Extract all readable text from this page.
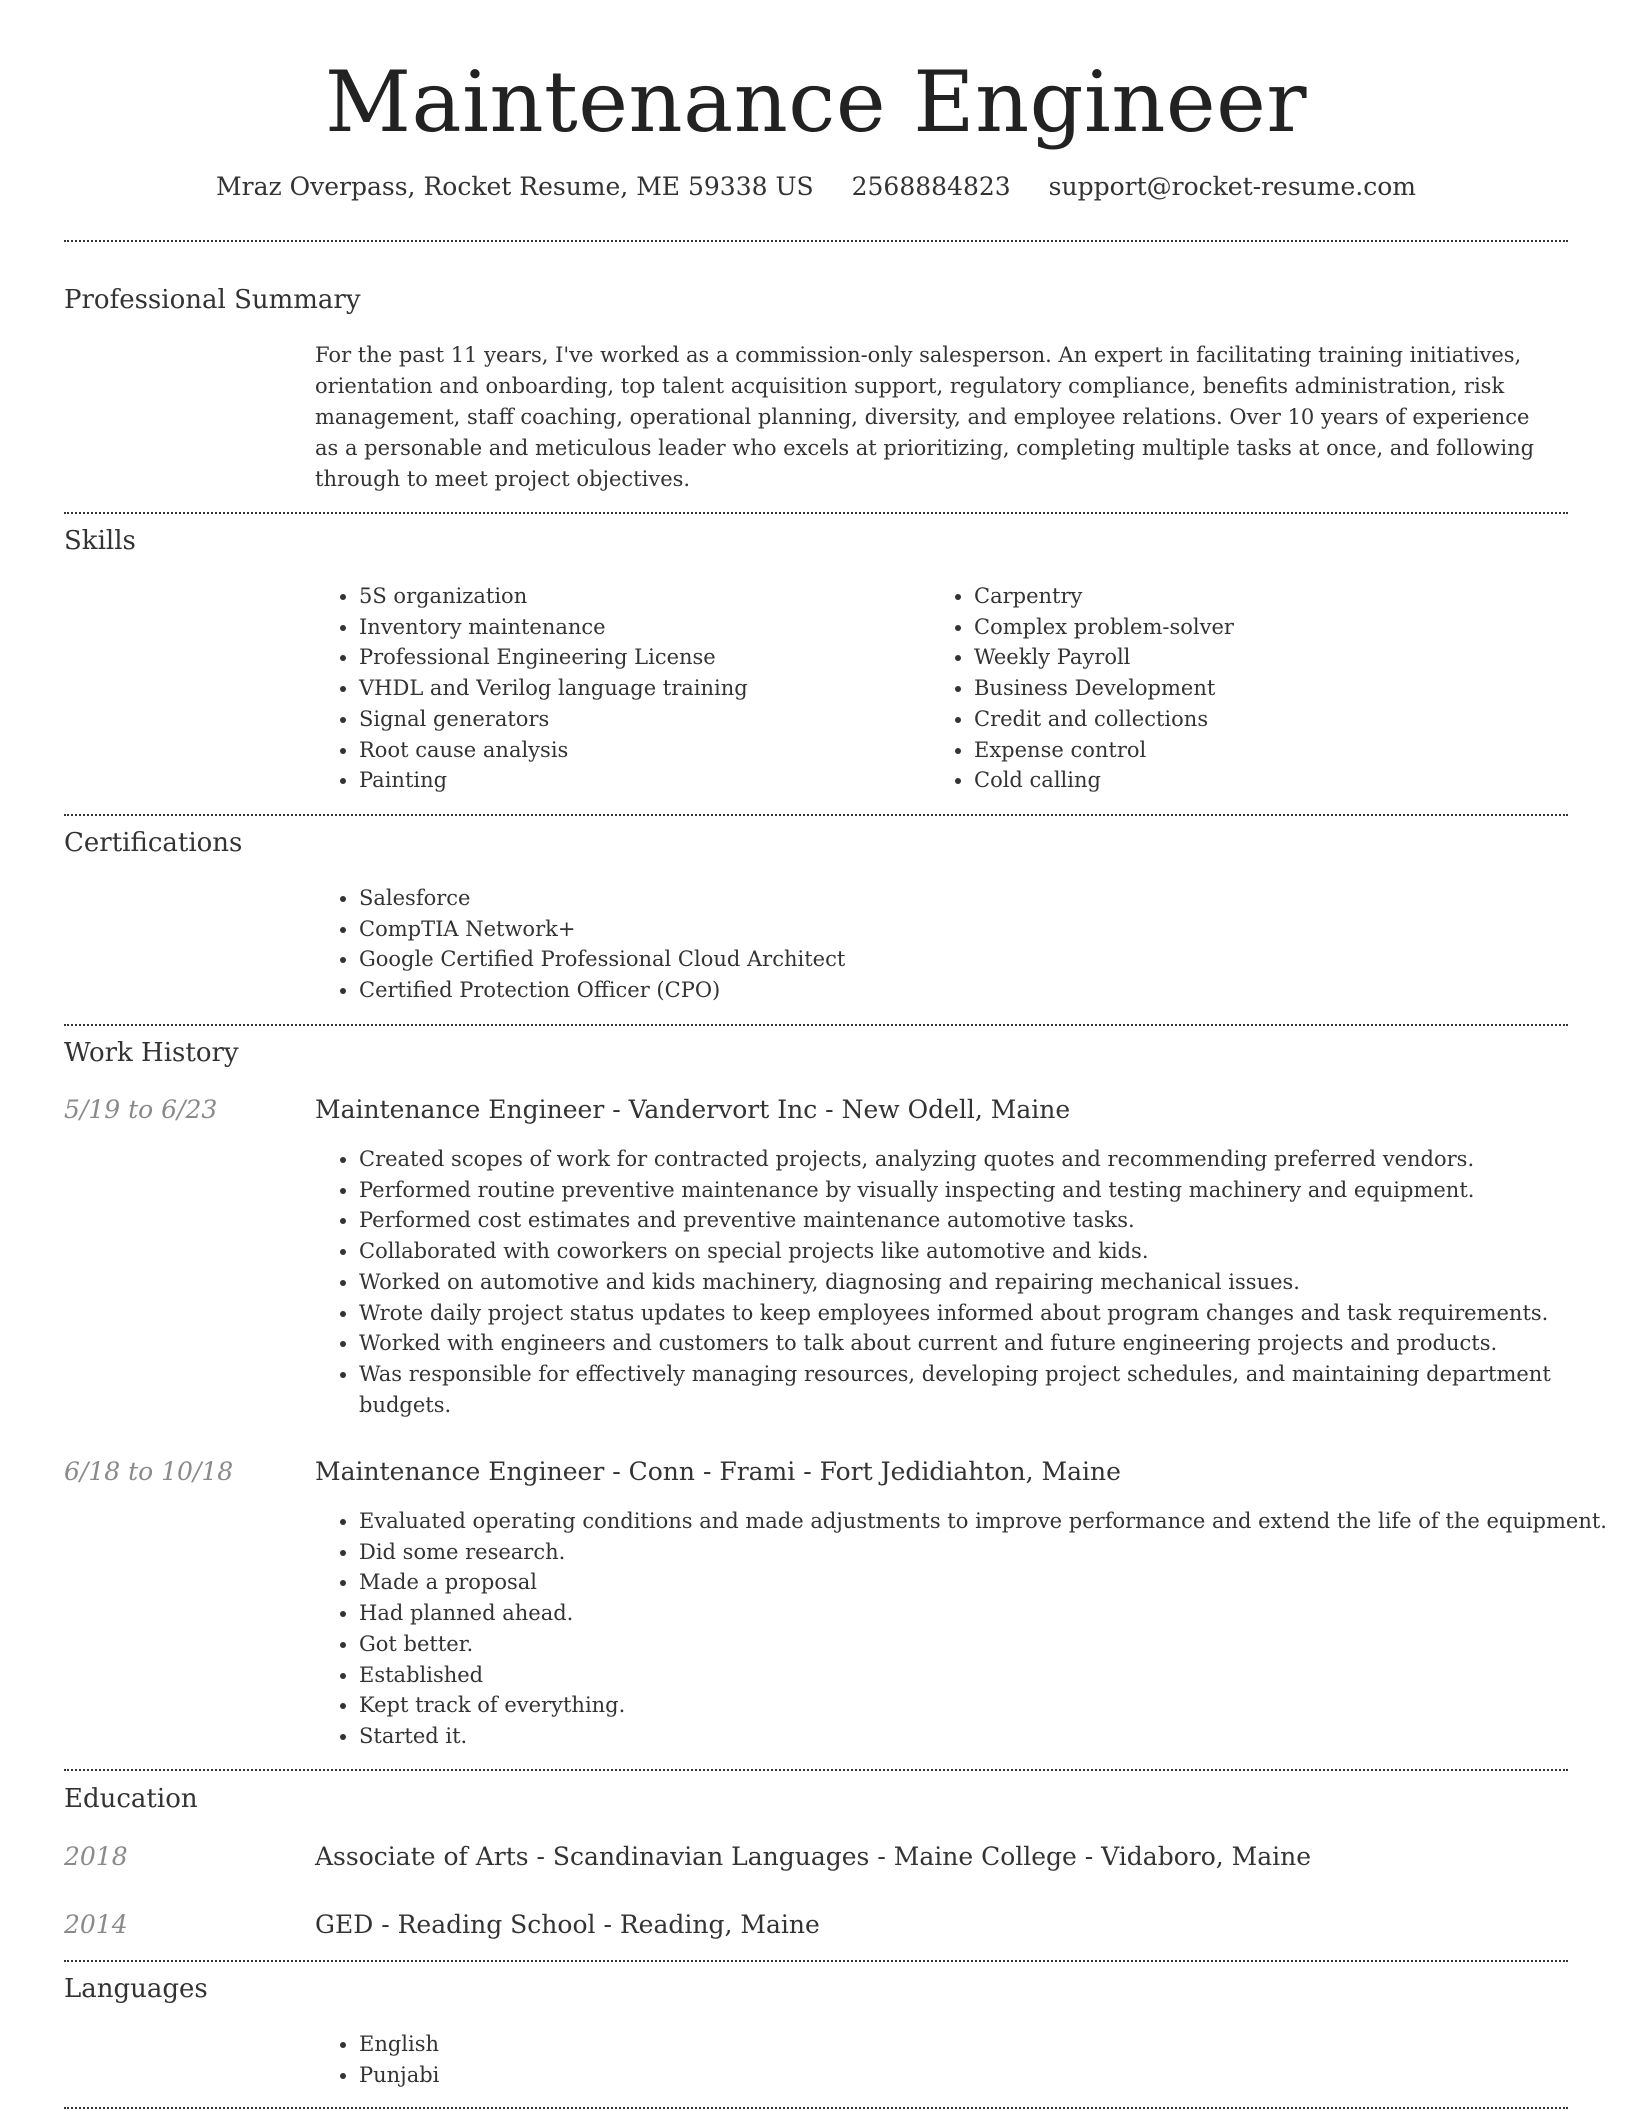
Maintenance Engineer
Mraz Overpass, Rocket Resume, ME 59338 US 2568884823 support@rocket-resume.com
Professional Summary
For the past 11 years, I've worked as a commission-only salesperson. An expert in facilitating training initiatives, orientation and onboarding, top talent acquisition support, regulatory compliance, benefits administration, risk management, staff coaching, operational planning, diversity, and employee relations. Over 10 years of experience as a personable and meticulous leader who excels at prioritizing, completing multiple tasks at once, and following through to meet project objectives.
Skills
• 5S organization
• Inventory maintenance
• Professional Engineering License
• VHDL and Verilog language training
• Signal generators
• Root cause analysis
• Painting
• Carpentry
• Complex problem-solver
• Weekly Payroll
• Business Development
• Credit and collections
• Expense control
• Cold calling
Certifications
• Salesforce
• CompTIA Network+
• Google Certified Professional Cloud Architect
• Certified Protection Officer (CPO)
Work History
5/19 to 6/23	Maintenance Engineer - Vandervort Inc - New Odell, Maine
• Created scopes of work for contracted projects, analyzing quotes and recommending preferred vendors.
• Performed routine preventive maintenance by visually inspecting and testing machinery and equipment.
• Performed cost estimates and preventive maintenance automotive tasks.
• Collaborated with coworkers on special projects like automotive and kids.
• Worked on automotive and kids machinery, diagnosing and repairing mechanical issues.
• Wrote daily project status updates to keep employees informed about program changes and task requirements.
• Worked with engineers and customers to talk about current and future engineering projects and products.
• Was responsible for effectively managing resources, developing project schedules, and maintaining department budgets.
6/18 to 10/18	Maintenance Engineer - Conn - Frami - Fort Jedidiahton, Maine
• Evaluated operating conditions and made adjustments to improve performance and extend the life of the equipment.
• Did some research.
• Made a proposal
• Had planned ahead.
• Got better.
• Established
• Kept track of everything.
• Started it.
Education
2018	Associate of Arts - Scandinavian Languages - Maine College - Vidaboro, Maine
2014	GED - Reading School - Reading, Maine
Languages
• English
• Punjabi
